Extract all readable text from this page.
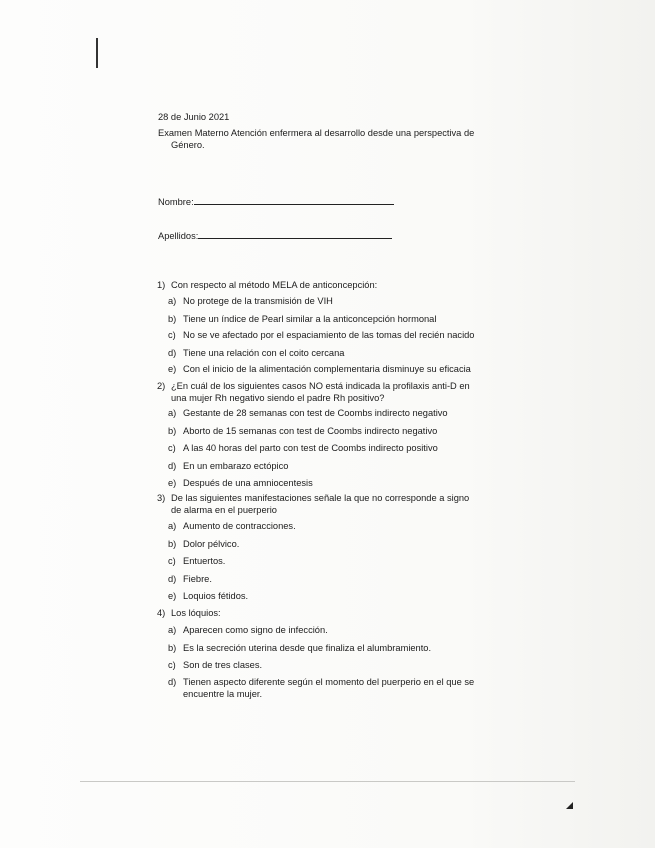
28 de Junio 2021
Examen Materno Atención enfermera al desarrollo desde una perspectiva de
Género.
Nombre:
Apellidos:
1) Con respecto al método MELA de anticoncepción:
a) No protege de la transmisión de VIH
b) Tiene un índice de Pearl similar a la anticoncepción hormonal
c) No se ve afectado por el espaciamiento de las tomas del recién nacido
d) Tiene una relación con el coito cercana
e) Con el inicio de la alimentación complementaria disminuye su eficacia
2) ¿En cuál de los siguientes casos NO está indicada la profilaxis anti-D en
una mujer Rh negativo siendo el padre Rh positivo?
a) Gestante de 28 semanas con test de Coombs indirecto negativo
b) Aborto de 15 semanas con test de Coombs indirecto negativo
c) A las 40 horas del parto con test de Coombs indirecto positivo
d) En un embarazo ectópico
e) Después de una amniocentesis
3) De las siguientes manifestaciones señale la que no corresponde a signo
de alarma en el puerperio
a) Aumento de contracciones.
b) Dolor pélvico.
c) Entuertos.
d) Fiebre.
e) Loquios fétidos.
4) Los lóquios:
a) Aparecen como signo de infección.
b) Es la secreción uterina desde que finaliza el alumbramiento.
c) Son de tres clases.
d) Tienen aspecto diferente según el momento del puerperio en el que se
encuentre la mujer.
